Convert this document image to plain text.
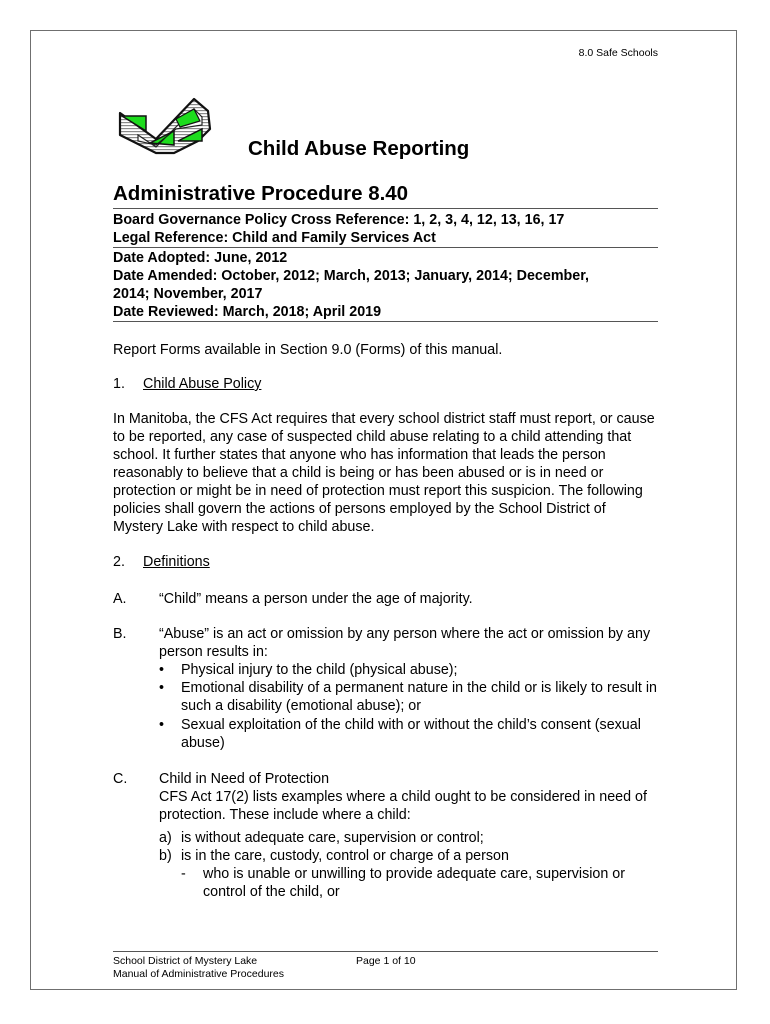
8.0 Safe Schools
Child Abuse Reporting
Administrative Procedure 8.40
Board Governance Policy Cross Reference: 1, 2, 3, 4, 12, 13, 16, 17
Legal Reference: Child and Family Services Act
Date Adopted: June, 2012
Date Amended: October, 2012; March, 2013; January, 2014; December,
2014; November, 2017
Date Reviewed: March, 2018; April 2019
Report Forms available in Section 9.0 (Forms) of this manual.
1. Child Abuse Policy
In Manitoba, the CFS Act requires that every school district staff must report, or cause to be reported, any case of suspected child abuse relating to a child attending that school. It further states that anyone who has information that leads the person reasonably to believe that a child is being or has been abused or is in need or protection or might be in need of protection must report this suspicion. The following policies shall govern the actions of persons employed by the School District of Mystery Lake with respect to child abuse.
2. Definitions
A. “Child” means a person under the age of majority.
B. “Abuse” is an act or omission by any person where the act or omission by any person results in:
• Physical injury to the child (physical abuse);
• Emotional disability of a permanent nature in the child or is likely to result in such a disability (emotional abuse); or
• Sexual exploitation of the child with or without the child’s consent (sexual abuse)
C. Child in Need of Protection
CFS Act 17(2) lists examples where a child ought to be considered in need of protection. These include where a child:
a) is without adequate care, supervision or control;
b) is in the care, custody, control or charge of a person
- who is unable or unwilling to provide adequate care, supervision or control of the child, or
School District of Mystery Lake
Manual of Administrative Procedures
Page 1 of 10
